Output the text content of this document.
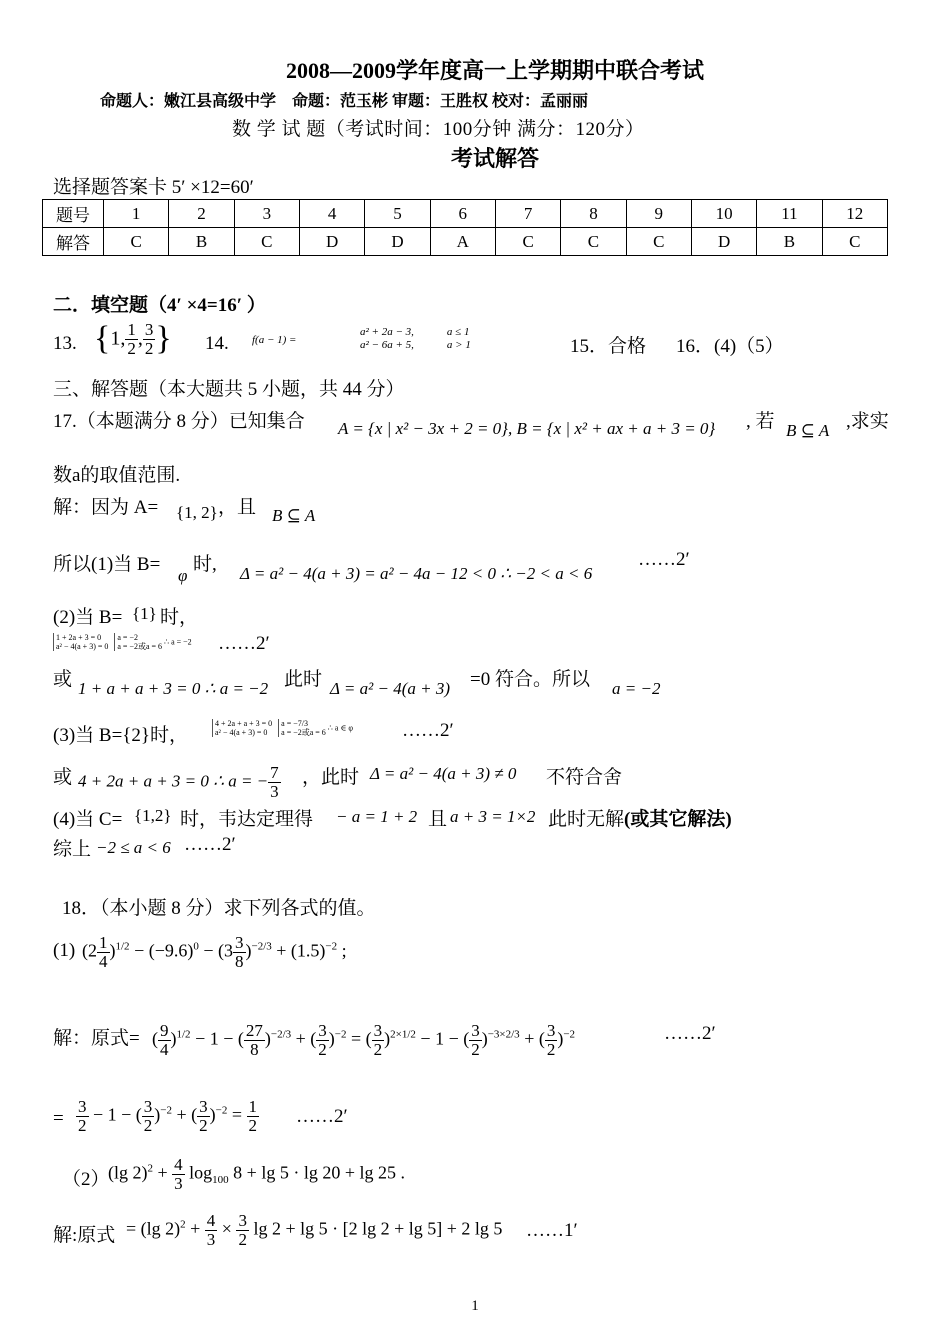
2008—2009学年度高一上学期期中联合考试
命题人：嫩江县高级中学　命题：范玉彬 审题：王胜权 校对：孟丽丽
数 学 试 题（考试时间：100分钟 满分：120分）
考试解答
选择题答案卡 5′ ×12=60′
题号	1	2	3	4	5	6	7	8	9	10	11	12
解答	C	B	C	D	D	A	C	C	C	D	B	C
二．填空题（4′ ×4=16′ ）
13. {1, $\frac{1}{2}$ , $\frac{3}{2}$ } 14. f(a − 1) =
a² + 2a − 3,	a ≤ 1
a² − 6a + 5,	a > 1	15．合格 16．(4)（5）
三、解答题（本大题共 5 小题，共 44 分）
17.（本题满分 8 分）已知集合 A = {x | x² − 3x + 2 = 0}, B = {x | x² + ax + a + 3 = 0} , 若 B ⊆ A ,求实
数a的取值范围.
解：因为 A= {1, 2} ，且 B ⊆ A
所以(1)当 B=
φ
时, Δ = a² − 4(a + 3) = a² − 4a − 12 < 0 ∴ −2 < a < 6
……2′
(2)当 B= {1} 时，
1 + 2a + 3 = 0
a² − 4(a + 3) = 0

a = −2
a = −2或a = 6 ∴ a = −2 ……2′
或 1 + a + a + 3 = 0 ∴ a = −2 此时 Δ = a² − 4(a + 3) =0 符合。所以 a = −2
(3)当 B={2}时，
4 + 2a + a + 3 = 0
a² − 4(a + 3) = 0

a = −7/3
a = −2或a = 6 ∴ a ∈ φ	……2′
或 4 + 2a + a + 3 = 0 ∴ a = − $\frac{7}{3}$ ，此时 Δ = a² − 4(a + 3) ≠ 0 不符合舍
(4)当 C= {1,2} 时，韦达定理得 − a = 1 + 2 且 a + 3 = 1×2 此时无解(或其它解法)
综上 −2 ≤ a < 6 ……2′
18．（本小题 8 分）求下列各式的值。
(1) $(2 \frac{1}{4} )^{1/2} - (-9.6)^0 - (3 \frac{3}{8} )^{-2/3} + (1.5)^{-2}$ ;
解：原式= ( $\frac{9}{4} )^{1/2} - 1$ − ( $\frac{27}{8} )^{-2/3}$ + ( $\frac{3}{2} )^{-2}$ = ( $\frac{3}{2} )^{2\times 1/2} - 1$ − ( $\frac{3}{2} )^{-3\times 2/3}$ + ( $\frac{3}{2} )^{-2}$	……2′
= $\frac{3}{2} - 1$ − ( $\frac{3}{2} )^{-2}$ + ( $\frac{3}{2} )^{-2} = \frac{1}{2}$ ……2′
（2）
(lg $2)^2 + \frac{4}{3} \log_{100} 8 + \lg 5 \cdot \lg 20 + \lg 25$ .
解:原式 = (lg $2)^2 + \frac{4}{3} \times \frac{3}{2}$ lg 2 + lg 5 · [2 lg 2 + lg 5] + 2 lg 5 ……1′
1
